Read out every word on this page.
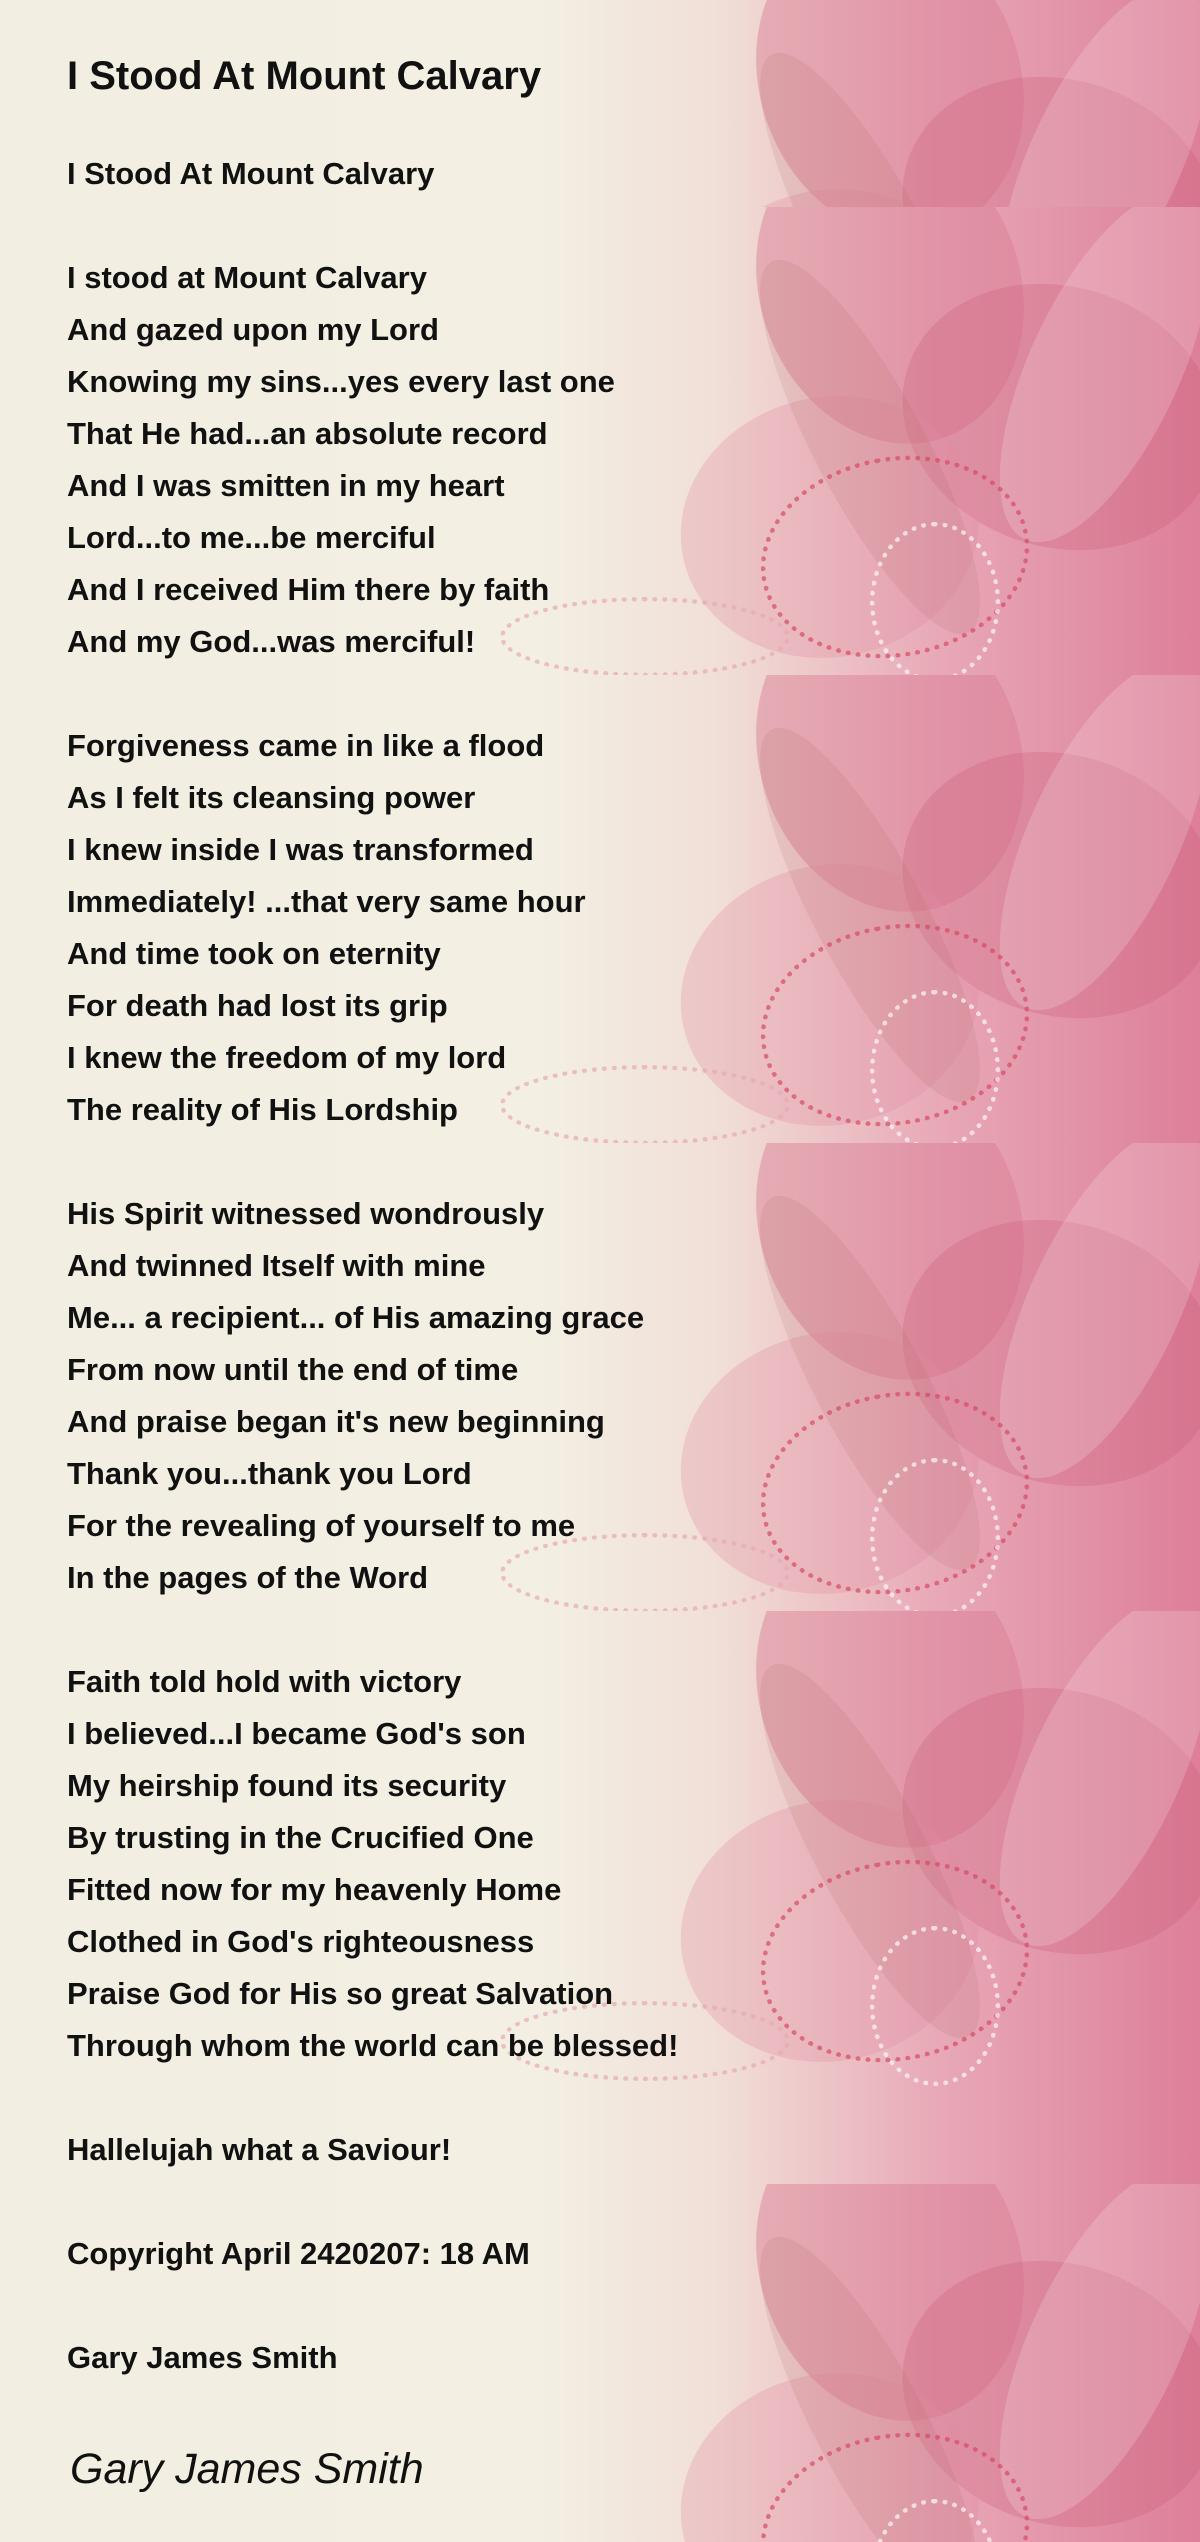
I Stood At Mount Calvary

I Stood At Mount Calvary

I stood at Mount Calvary

And gazed upon my Lord

Knowing my sins...yes every last one

That He had...an absolute record

And I was smitten in my heart

Lord...to me...be merciful

And I received Him there by faith

And my God...was merciful!

Forgiveness came in like a flood

As I felt its cleansing power

I knew inside I was transformed

Immediately! ...that very same hour

And time took on eternity

For death had lost its grip

I knew the freedom of my lord

The reality of His Lordship

His Spirit witnessed wondrously

And twinned Itself with mine

Me... a recipient... of His amazing grace

From now until the end of time

And praise began it's new beginning

Thank you...thank you Lord

For the revealing of yourself to me

In the pages of the Word

Faith told hold with victory

I believed...I became God's son

My heirship found its security

By trusting in the Crucified One

Fitted now for my heavenly Home

Clothed in God's righteousness

Praise God for His so great Salvation

Through whom the world can be blessed!

Hallelujah what a Saviour!

Copyright April 2420207: 18 AM

Gary James Smith

Gary James Smith
